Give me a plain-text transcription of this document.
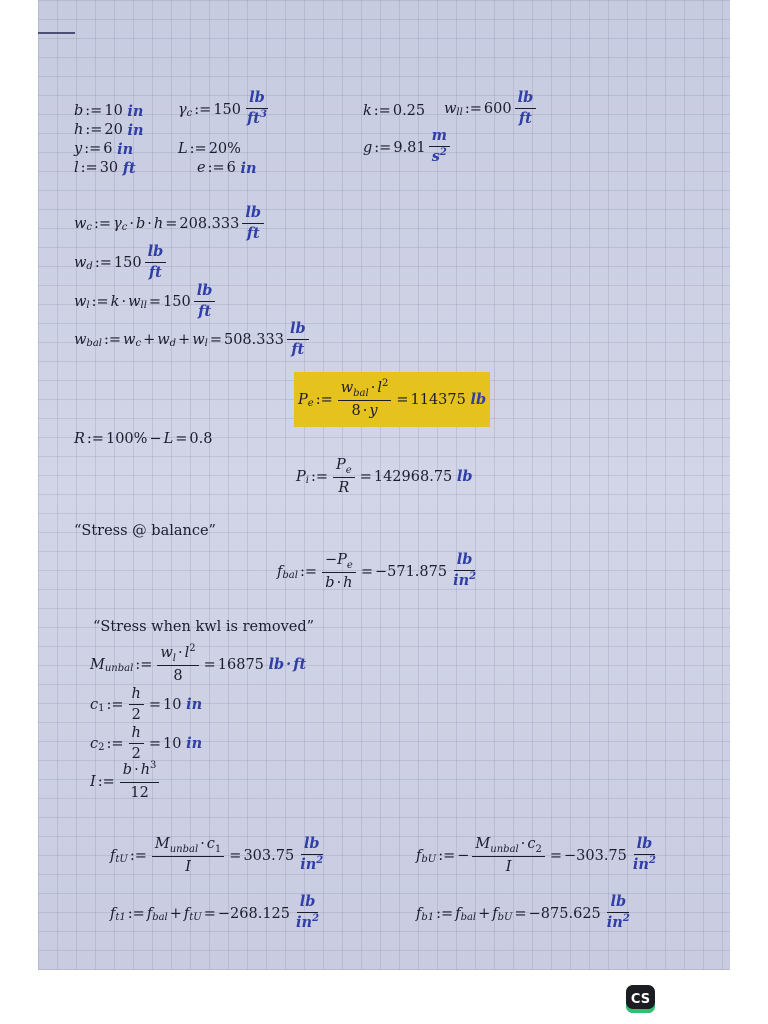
b := 10
in
h := 20
in
y := 6
in
l := 30
ft
γ c := $150 \frac{lb}{ft^3}$
L := 20%
e := 6
in
k := 0.25 w ll := $600 \frac{lb}{ft}$
g := $9.81 \frac{m}{s^2}$
w c := γ $c \cdot b \cdot h = 208.333 \frac{lb}{ft}$
w d := $150 \frac{lb}{ft}$
w l := k · w ll = $150 \frac{lb}{ft}$
w bal := w c + w d + w $l = 508.333 \frac{lb}{ft}$
P e := $\frac{w_{bal} \cdot l^2}{8 \cdot y} = 114375$
lb
R := 100% − L = 0.8
P i := $\frac{P_e}{R} = 142968.75$
lb
“Stress @ balance”
f bal := $\frac{-P_e}{b \cdot h} = -571.875 \frac{lb}{in^2}$
“Stress when kwl is removed”
M unbal := $\frac{w_l \cdot l^2}{8} = 16875$
lb · ft
c 1 := $\frac{h}{2} = 10$
in
c 2 := $\frac{h}{2} = 10$
in
I := $\frac{b \cdot h^3}{12}$
f tU := $\frac{M_{unbal} \cdot c_1}{I} = 303.75 \frac{lb}{in^2}$	f bU := − $\frac{M_{unbal} \cdot c_2}{I} = -303.75 \frac{lb}{in^2}$
f t1 := f bal + f tU = $-268.125 \frac{lb}{in^2}$	f b1 := f bal + f bU = $-875.625 \frac{lb}{in^2}$
CS
